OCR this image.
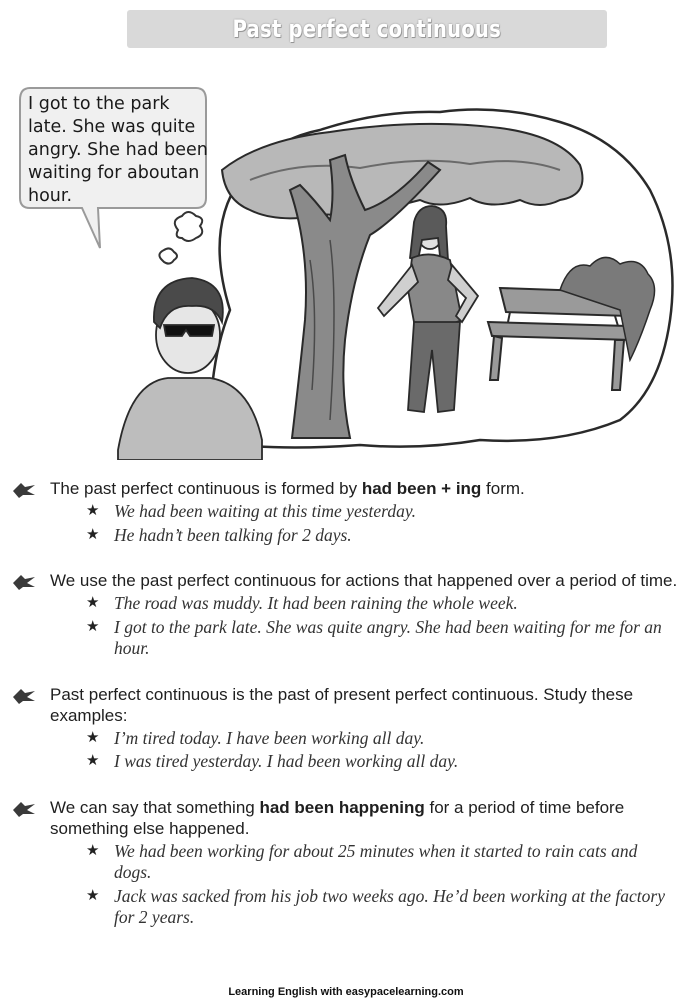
Past perfect continuous
I got to the park late. She was quite angry. She had been waiting for aboutan hour.

The past perfect continuous is formed by had been + ing form.

★ We had been waiting at this time yesterday.
★ He hadn’t been talking for 2 days.

We use the past perfect continuous for actions that happened over a period of time.

★ The road was muddy. It had been raining the whole week.
★ I got to the park late. She was quite angry. She had been waiting for me for an hour.

Past perfect continuous is the past of present perfect continuous. Study these examples:

★ I’m tired today. I have been working all day.
★ I was tired yesterday. I had been working all day.

We can say that something had been happening for a period of time before something else happened.

★ We had been working for about 25 minutes when it started to rain cats and dogs.
★ Jack was sacked from his job two weeks ago. He’d been working at the factory for 2 years.
Learning English with easypacelearning.com
